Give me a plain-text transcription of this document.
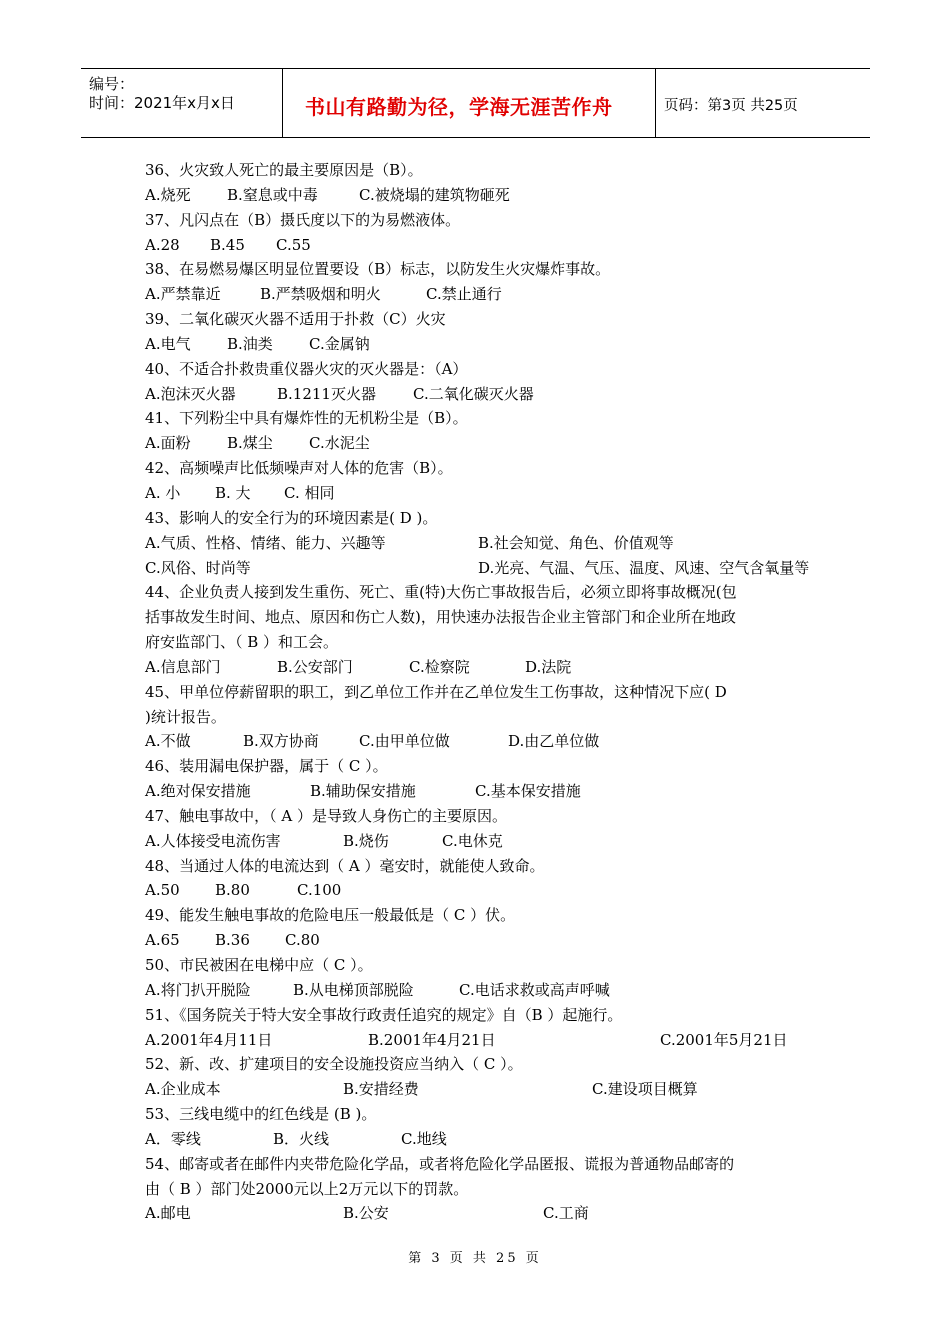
编号：
时间：2021年x月x日	书山有路勤为径，学海无涯苦作舟	页码：第3页 共25页
36、火灾致人死亡的最主要原因是（B）。
A.烧死 B.窒息或中毒	C.被烧塌的建筑物砸死
37、凡闪点在（B）摄氏度以下的为易燃液体。
A.28 B.45 C.55
38、在易燃易爆区明显位置要设（B）标志，以防发生火灾爆炸事故。
A.严禁靠近	B.严禁吸烟和明火	C.禁止通行
39、二氧化碳灭火器不适用于扑救（C）火灾
A.电气 B.油类 C.金属钠
40、不适合扑救贵重仪器火灾的灭火器是：（A）
A.泡沫灭火器	B.1211灭火器 C.二氧化碳灭火器
41、下列粉尘中具有爆炸性的无机粉尘是（B）。
A.面粉 B.煤尘 C.水泥尘
42、高频噪声比低频噪声对人体的危害（B）。
A. 小 B. 大 C. 相同
43、影响人的安全行为的环境因素是( D )。
A.气质、性格、情绪、能力、兴趣等	B.社会知觉、角色、价值观等
C.风俗、时尚等	D.光亮、气温、气压、温度、风速、空气含氧量等
44、企业负责人接到发生重伤、死亡、重(特)大伤亡事故报告后，必须立即将事故概况(包
括事故发生时间、地点、原因和伤亡人数)，用快速办法报告企业主管部门和企业所在地政
府安监部门、（ B ）和工会。
A.信息部门	B.公安部门	C.检察院	D.法院
45、甲单位停薪留职的职工，到乙单位工作并在乙单位发生工伤事故，这种情况下应( D
)统计报告。
A.不做	B.双方协商	C.由甲单位做	D.由乙单位做
46、装用漏电保护器，属于（ C ）。
A.绝对保安措施	B.辅助保安措施	C.基本保安措施
47、触电事故中，（ A ）是导致人身伤亡的主要原因。
A.人体接受电流伤害	B.烧伤	C.电休克
48、当通过人体的电流达到（ A ）毫安时，就能使人致命。
A.50 B.80	C.100
49、能发生触电事故的危险电压一般最低是（ C ）伏。
A.65 B.36 C.80
50、市民被困在电梯中应（ C ）。
A.将门扒开脱险	B.从电梯顶部脱险	C.电话求救或高声呼喊
51、《国务院关于特大安全事故行政责任追究的规定》自（B ）起施行。
A.2001年4月11日	B.2001年4月21日	C.2001年5月21日
52、新、改、扩建项目的安全设施投资应当纳入（ C ）。
A.企业成本	B.安措经费	C.建设项目概算
53、三线电缆中的红色线是 (B )。
A．零线	B．火线	C.地线
54、邮寄或者在邮件内夹带危险化学品，或者将危险化学品匿报、谎报为普通物品邮寄的
由（ B ）部门处2000元以上2万元以下的罚款。
A.邮电	B.公安	C.工商
第 3 页 共 25 页
